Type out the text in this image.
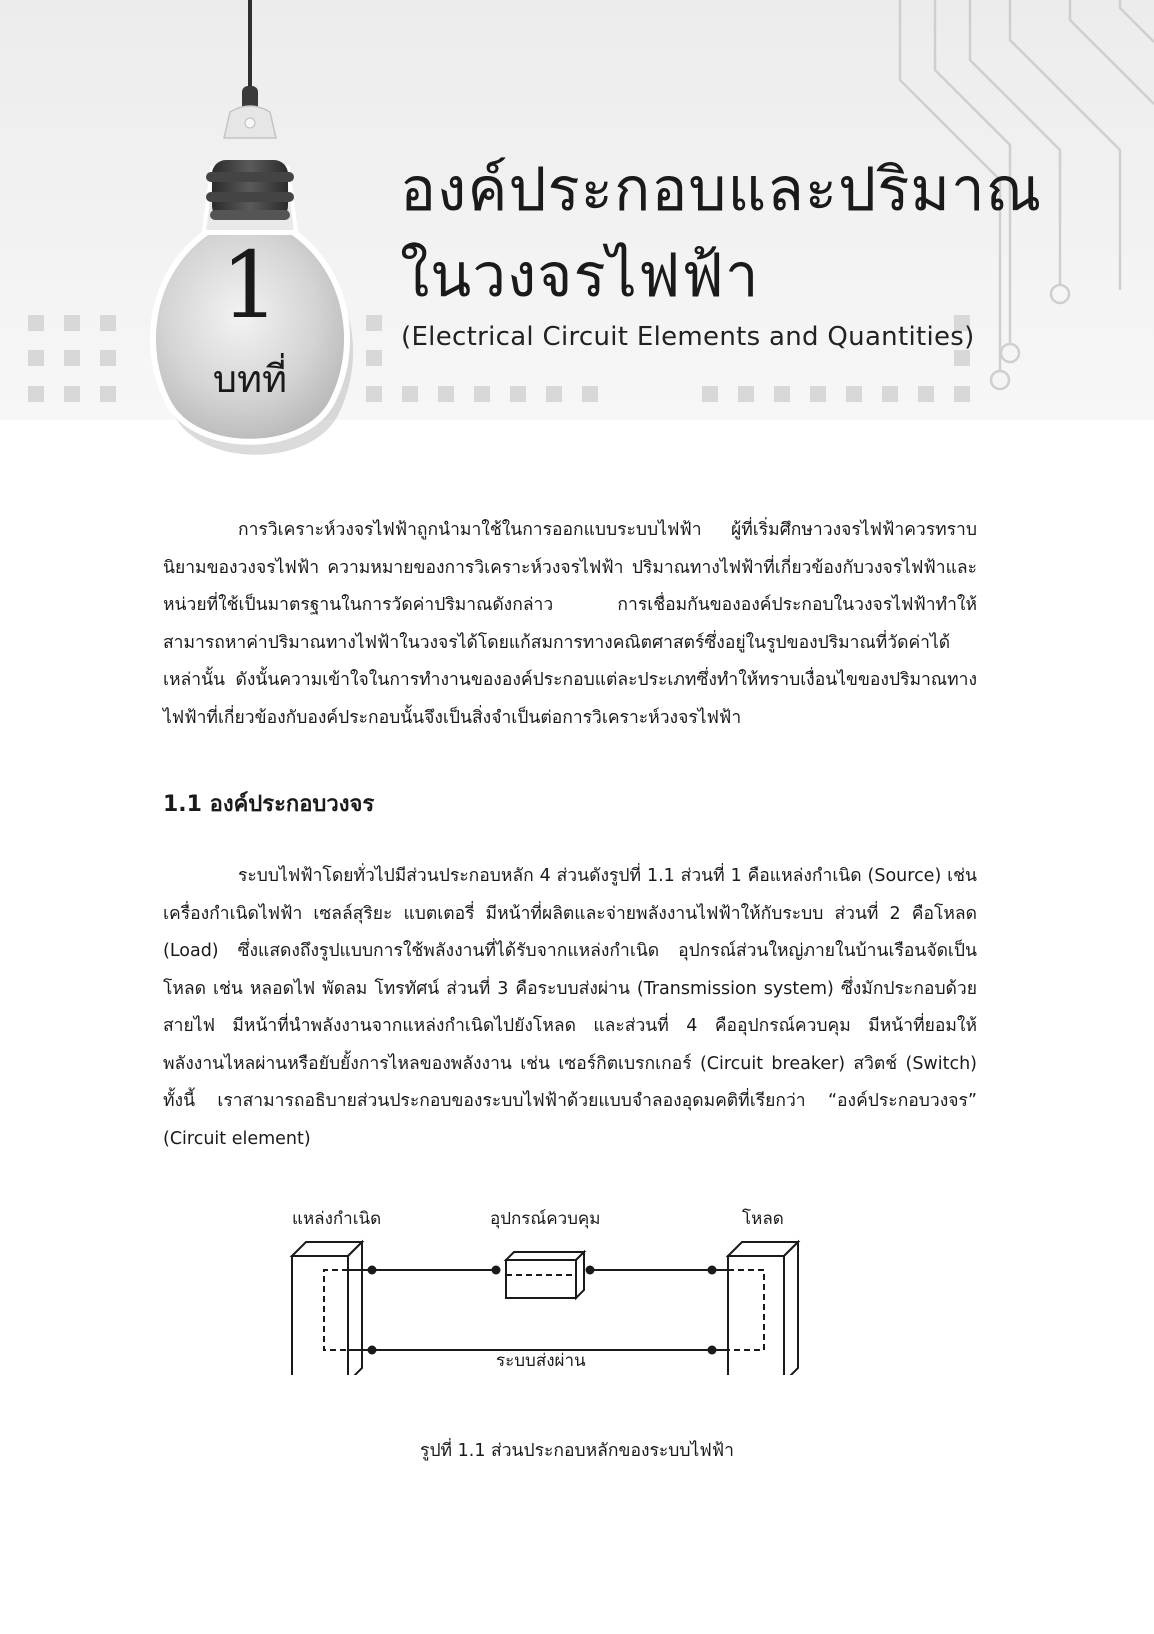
1
บทที่
องค์ประกอบและปริมาณ
ในวงจรไฟฟ้า
(Electrical Circuit Elements and Quantities)

การวิเคราะห์วงจรไฟฟ้าถูกนำมาใช้ในการออกแบบระบบไฟฟ้า ผู้ที่เริ่มศึกษาวงจรไฟฟ้าควรทราบนิยามของวงจรไฟฟ้า ความหมายของการวิเคราะห์วงจรไฟฟ้า ปริมาณทางไฟฟ้าที่เกี่ยวข้องกับวงจรไฟฟ้าและหน่วยที่ใช้เป็นมาตรฐานในการวัดค่าปริมาณดังกล่าว การเชื่อมกันขององค์ประกอบในวงจรไฟฟ้าทำให้สามารถหาค่าปริมาณทางไฟฟ้าในวงจรได้โดยแก้สมการทางคณิตศาสตร์ซึ่งอยู่ในรูปของปริมาณที่วัดค่าได้เหล่านั้น ดังนั้นความเข้าใจในการทำงานขององค์ประกอบแต่ละประเภทซึ่งทำให้ทราบเงื่อนไขของปริมาณทางไฟฟ้าที่เกี่ยวข้องกับองค์ประกอบนั้นจึงเป็นสิ่งจำเป็นต่อการวิเคราะห์วงจรไฟฟ้า

1.1 องค์ประกอบวงจร

ระบบไฟฟ้าโดยทั่วไปมีส่วนประกอบหลัก 4 ส่วนดังรูปที่ 1.1 ส่วนที่ 1 คือแหล่งกำเนิด (Source) เช่น เครื่องกำเนิดไฟฟ้า เซลล์สุริยะ แบตเตอรี่ มีหน้าที่ผลิตและจ่ายพลังงานไฟฟ้าให้กับระบบ ส่วนที่ 2 คือโหลด (Load) ซึ่งแสดงถึงรูปแบบการใช้พลังงานที่ได้รับจากแหล่งกำเนิด อุปกรณ์ส่วนใหญ่ภายในบ้านเรือนจัดเป็นโหลด เช่น หลอดไฟ พัดลม โทรทัศน์ ส่วนที่ 3 คือระบบส่งผ่าน (Transmission system) ซึ่งมักประกอบด้วยสายไฟ มีหน้าที่นำพลังงานจากแหล่งกำเนิดไปยังโหลด และส่วนที่ 4 คืออุปกรณ์ควบคุม มีหน้าที่ยอมให้พลังงานไหลผ่านหรือยับยั้งการไหลของพลังงาน เช่น เซอร์กิตเบรกเกอร์ (Circuit breaker) สวิตช์ (Switch) ทั้งนี้ เราสามารถอธิบายส่วนประกอบของระบบไฟฟ้าด้วยแบบจำลองอุดมคติที่เรียกว่า “องค์ประกอบวงจร” (Circuit element)

แหล่งกำเนิด	อุปกรณ์ควบคุม	โหลด
ระบบส่งผ่าน
รูปที่ 1.1 ส่วนประกอบหลักของระบบไฟฟ้า
